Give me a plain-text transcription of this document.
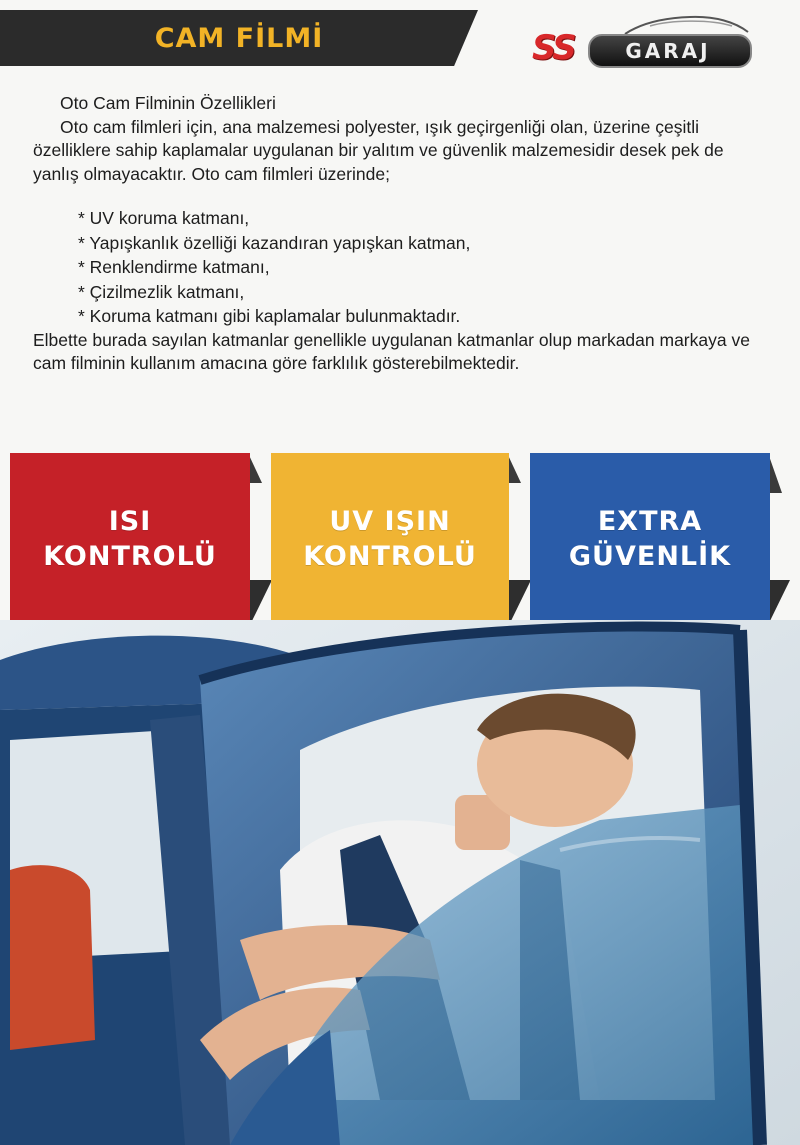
CAM FİLMİ	SS	GARAJ

Oto Cam Filminin Özellikleri

Oto cam filmleri için, ana malzemesi polyester, ışık geçirgenliği olan, üzerine çeşitli özelliklere sahip kaplamalar uygulanan bir yalıtım ve güvenlik malzemesidir desek pek de yanlış olmayacaktır. Oto cam filmleri üzerinde;

* UV koruma katmanı,
* Yapışkanlık özelliği kazandıran yapışkan katman,
* Renklendirme katmanı,
* Çizilmezlik katmanı,
* Koruma katmanı gibi kaplamalar bulunmaktadır.

Elbette burada sayılan katmanlar genellikle uygulanan katmanlar olup markadan markaya ve cam filminin kullanım amacına göre farklılık gösterebilmektedir.

ISI
KONTROLÜ
UV IŞIN
KONTROLÜ
EXTRA
GÜVENLİK
